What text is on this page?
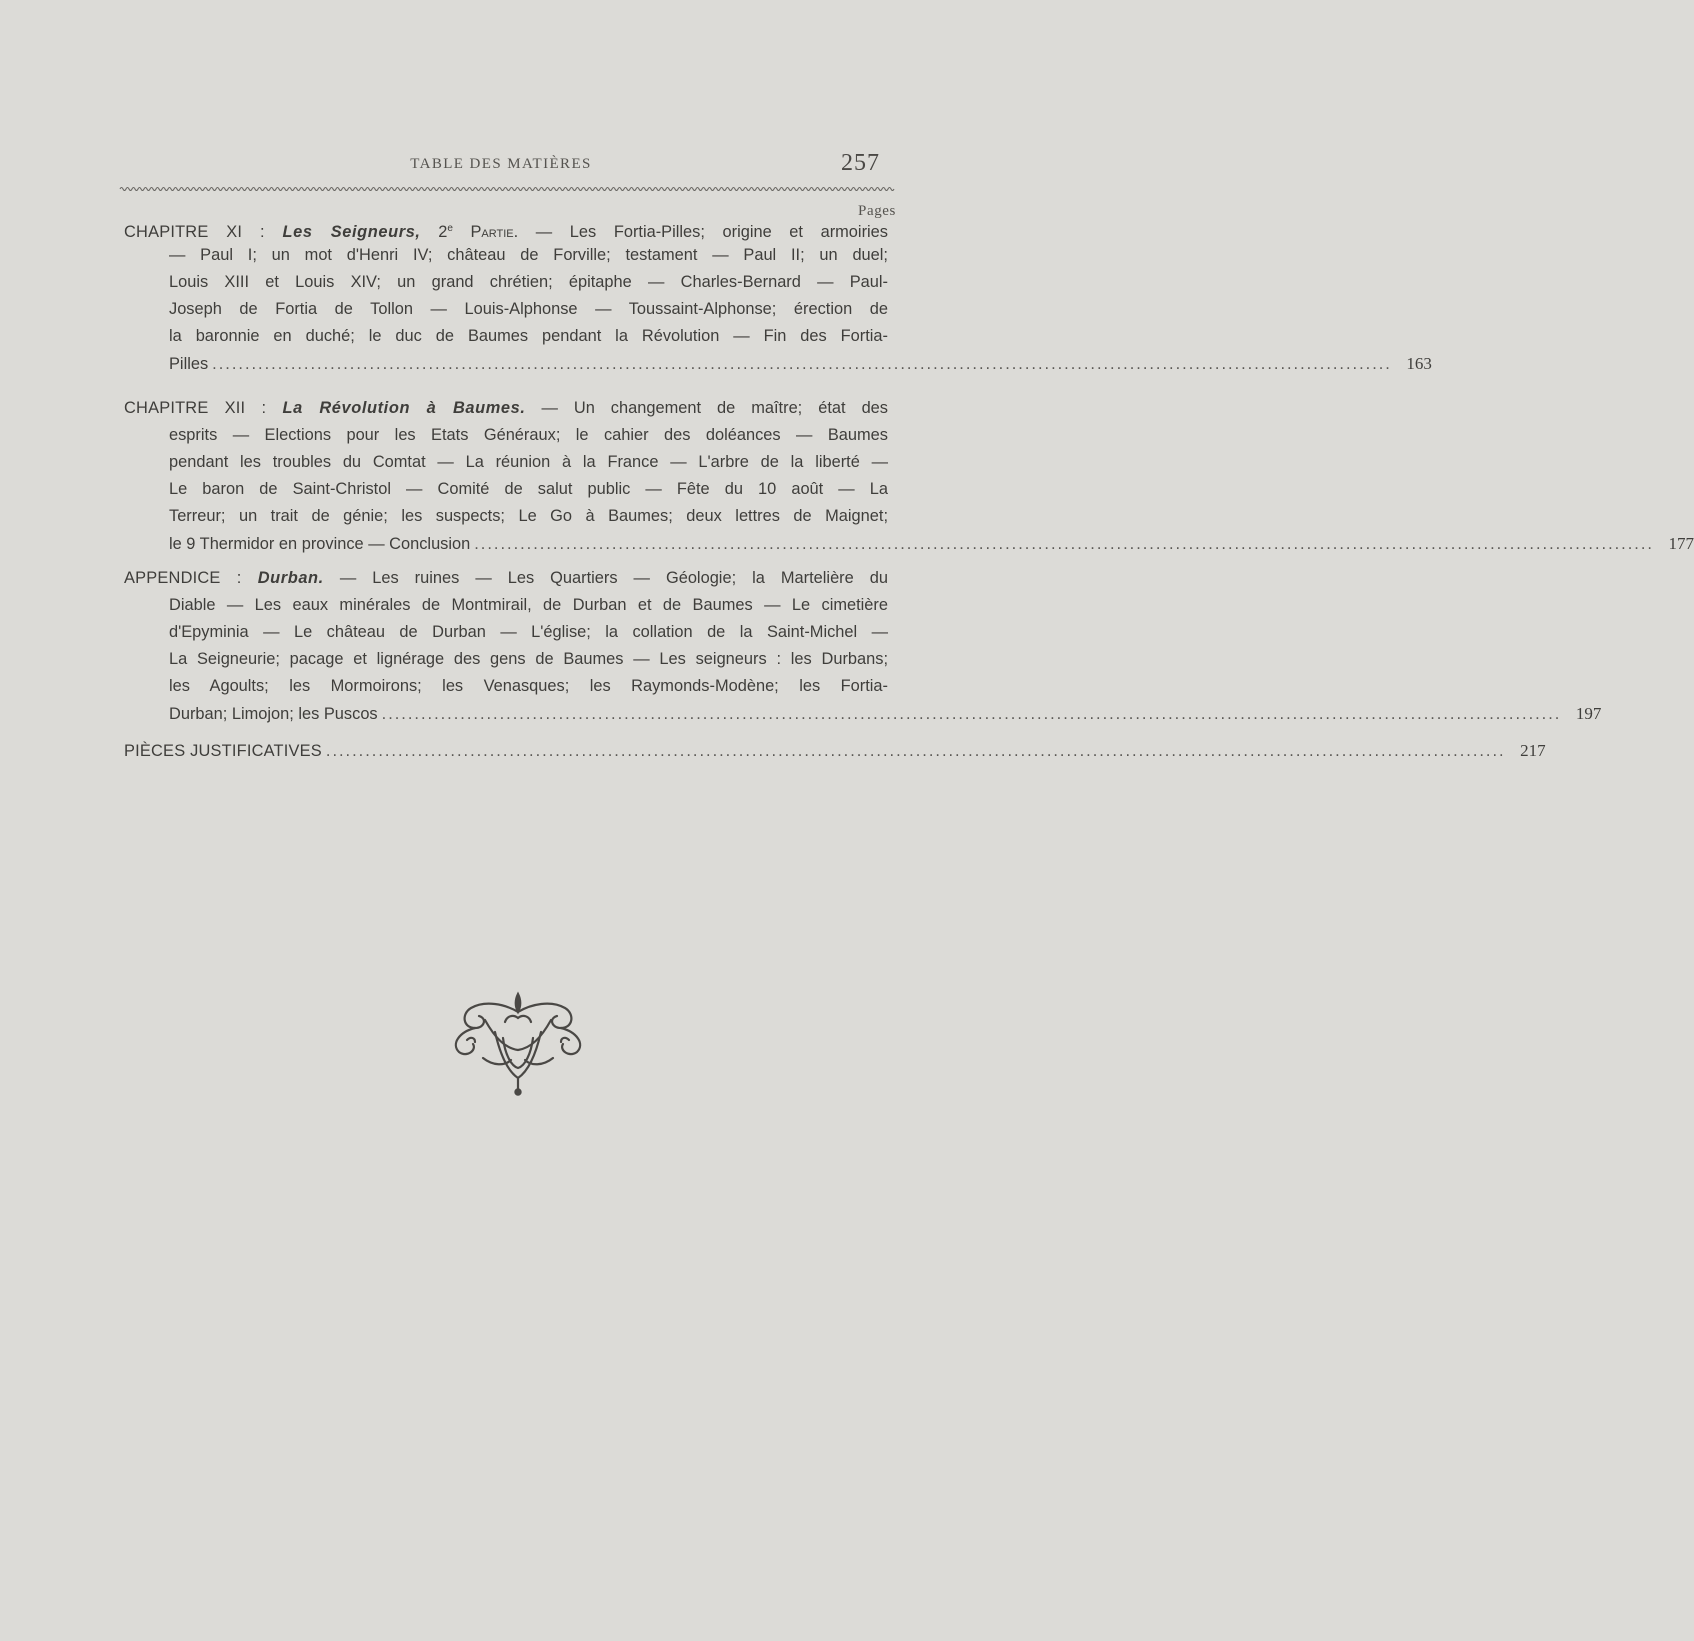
TABLE DES MATIÈRES	257
Pages
CHAPITRE XI : Les Seigneurs, 2e Partie. — Les Fortia-Pilles; origine et armoiries
— Paul I; un mot d'Henri IV; château de Forville; testament — Paul II; un duel;
Louis XIII et Louis XIV; un grand chrétien; épitaphe — Charles-Bernard — Paul-
Joseph de Fortia de Tollon — Louis-Alphonse — Toussaint-Alphonse; érection de
la baronnie en duché; le duc de Baumes pendant la Révolution — Fin des Fortia-
Pilles .................................................................................................................................................................................... 163
CHAPITRE XII : La Révolution à Baumes. — Un changement de maître; état des
esprits — Elections pour les Etats Généraux; le cahier des doléances — Baumes
pendant les troubles du Comtat — La réunion à la France — L'arbre de la liberté —
Le baron de Saint-Christol — Comité de salut public — Fête du 10 août — La
Terreur; un trait de génie; les suspects; Le Go à Baumes; deux lettres de Maignet;
le 9 Thermidor en province — Conclusion .................................................................................................................................................................................... 177
APPENDICE : Durban. — Les ruines — Les Quartiers — Géologie; la Martelière du
Diable — Les eaux minérales de Montmirail, de Durban et de Baumes — Le cimetière
d'Epyminia — Le château de Durban — L'église; la collation de la Saint-Michel —
La Seigneurie; pacage et lignérage des gens de Baumes — Les seigneurs : les Durbans;
les Agoults; les Mormoirons; les Venasques; les Raymonds-Modène; les Fortia-
Durban; Limojon; les Puscos .................................................................................................................................................................................... 197
PIÈCES JUSTIFICATIVES .................................................................................................................................................................................... 217
